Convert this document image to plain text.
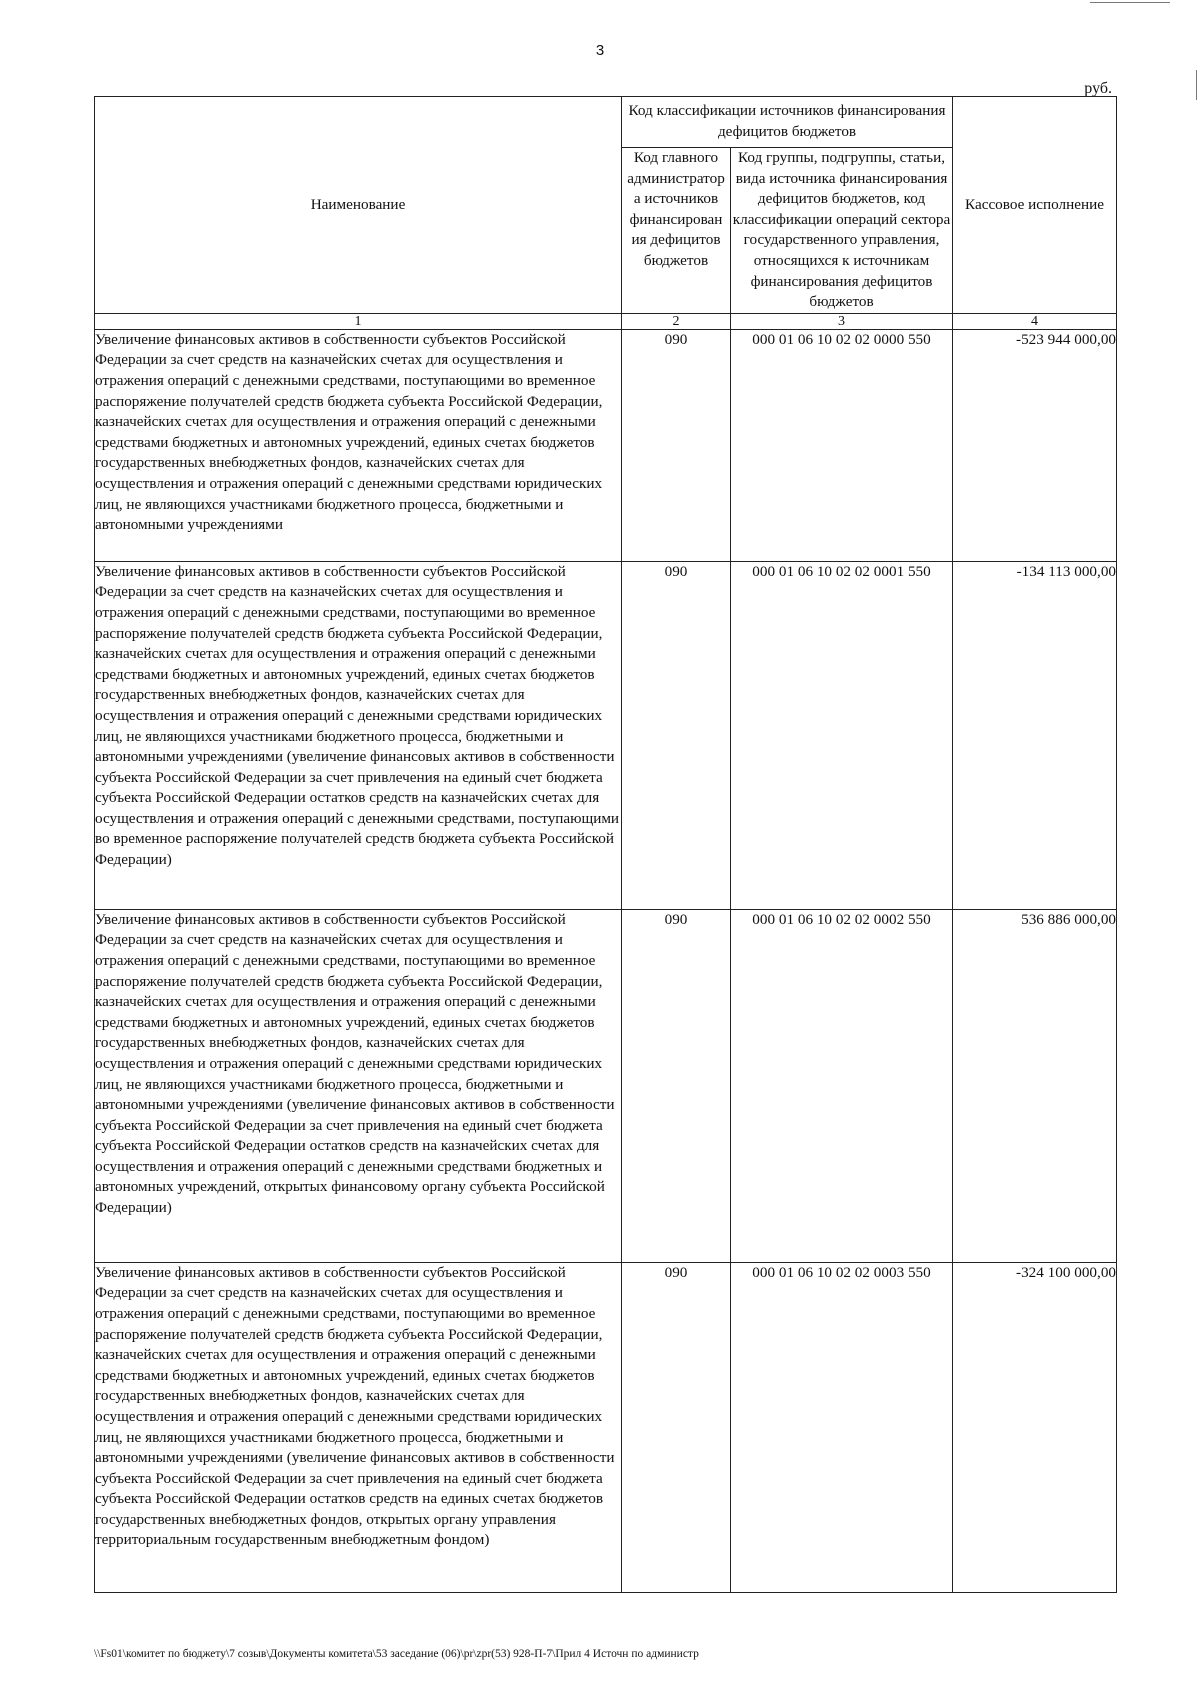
3
руб.
Наименование	Код классификации источников финансирования дефицитов бюджетов		Кассовое исполнение
	Код главного администратор а источников финансирован ия дефицитов бюджетов	Код группы, подгруппы, статьи, вида источника финансирования дефицитов бюджетов, код классификации операций сектора государственного управления, относящихся к источникам финансирования дефицитов бюджетов	
1	2	3	4
Увеличение финансовых активов в собственности субъектов Российской Федерации за счет средств на казначейских счетах для осуществления и отражения операций с денежными средствами, поступающими во временное распоряжение получателей средств бюджета субъекта Российской Федерации, казначейских счетах для осуществления и отражения операций с денежными средствами бюджетных и автономных учреждений, единых счетах бюджетов государственных внебюджетных фондов, казначейских счетах для осуществления и отражения операций с денежными средствами юридических лиц, не являющихся участниками бюджетного процесса, бюджетными и автономными учреждениями	090	000 01 06 10 02 02 0000 550	-523 944 000,00
Увеличение финансовых активов в собственности субъектов Российской Федерации за счет средств на казначейских счетах для осуществления и отражения операций с денежными средствами, поступающими во временное распоряжение получателей средств бюджета субъекта Российской Федерации, казначейских счетах для осуществления и отражения операций с денежными средствами бюджетных и автономных учреждений, единых счетах бюджетов государственных внебюджетных фондов, казначейских счетах для осуществления и отражения операций с денежными средствами юридических лиц, не являющихся участниками бюджетного процесса, бюджетными и автономными учреждениями (увеличение финансовых активов в собственности субъекта Российской Федерации за счет привлечения на единый счет бюджета субъекта Российской Федерации остатков средств на казначейских счетах для осуществления и отражения операций с денежными средствами, поступающими во временное распоряжение получателей средств бюджета субъекта Российской Федерации)	090	000 01 06 10 02 02 0001 550	-134 113 000,00
Увеличение финансовых активов в собственности субъектов Российской Федерации за счет средств на казначейских счетах для осуществления и отражения операций с денежными средствами, поступающими во временное распоряжение получателей средств бюджета субъекта Российской Федерации, казначейских счетах для осуществления и отражения операций с денежными средствами бюджетных и автономных учреждений, единых счетах бюджетов государственных внебюджетных фондов, казначейских счетах для осуществления и отражения операций с денежными средствами юридических лиц, не являющихся участниками бюджетного процесса, бюджетными и автономными учреждениями (увеличение финансовых активов в собственности субъекта Российской Федерации за счет привлечения на единый счет бюджета субъекта Российской Федерации остатков средств на казначейских счетах для осуществления и отражения операций с денежными средствами бюджетных и автономных учреждений, открытых финансовому органу субъекта Российской Федерации)	090	000 01 06 10 02 02 0002 550	536 886 000,00
Увеличение финансовых активов в собственности субъектов Российской Федерации за счет средств на казначейских счетах для осуществления и отражения операций с денежными средствами, поступающими во временное распоряжение получателей средств бюджета субъекта Российской Федерации, казначейских счетах для осуществления и отражения операций с денежными средствами бюджетных и автономных учреждений, единых счетах бюджетов государственных внебюджетных фондов, казначейских счетах для осуществления и отражения операций с денежными средствами юридических лиц, не являющихся участниками бюджетного процесса, бюджетными и автономными учреждениями (увеличение финансовых активов в собственности субъекта Российской Федерации за счет привлечения на единый счет бюджета субъекта Российской Федерации остатков средств на единых счетах бюджетов государственных внебюджетных фондов, открытых органу управления территориальным государственным внебюджетным фондом)	090	000 01 06 10 02 02 0003 550	-324 100 000,00
\\Fs01\комитет по бюджету\7 созыв\Документы комитета\53 заседание (06)\pr\zpr(53) 928-П-7\Прил 4 Источн по администр
